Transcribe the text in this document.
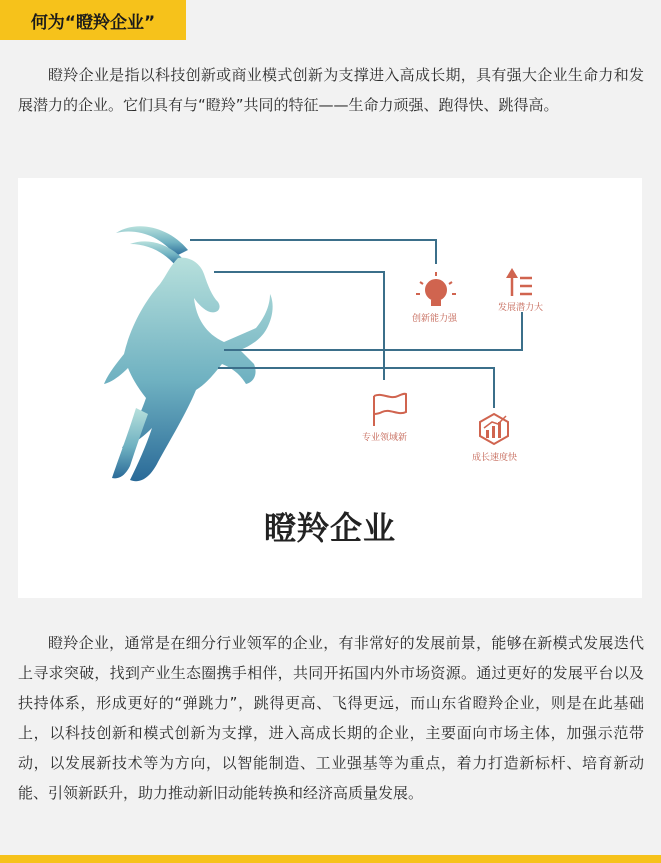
何为“瞪羚企业”

瞪羚企业是指以科技创新或商业模式创新为支撑进入高成长期，具有强大企业生命力和发展潜力的企业。它们具有与“瞪羚”共同的特征——生命力顽强、跑得快、跳得高。

创新能力强
发展潜力大
专业领域新
成长速度快
瞪羚企业

瞪羚企业，通常是在细分行业领军的企业，有非常好的发展前景，能够在新模式发展迭代上寻求突破，找到产业生态圈携手相伴，共同开拓国内外市场资源。通过更好的发展平台以及扶持体系，形成更好的“弹跳力”，跳得更高、飞得更远，而山东省瞪羚企业，则是在此基础上，以科技创新和模式创新为支撑，进入高成长期的企业，主要面向市场主体，加强示范带动，以发展新技术等为方向，以智能制造、工业强基等为重点，着力打造新标杆、培育新动能、引领新跃升，助力推动新旧动能转换和经济高质量发展。
